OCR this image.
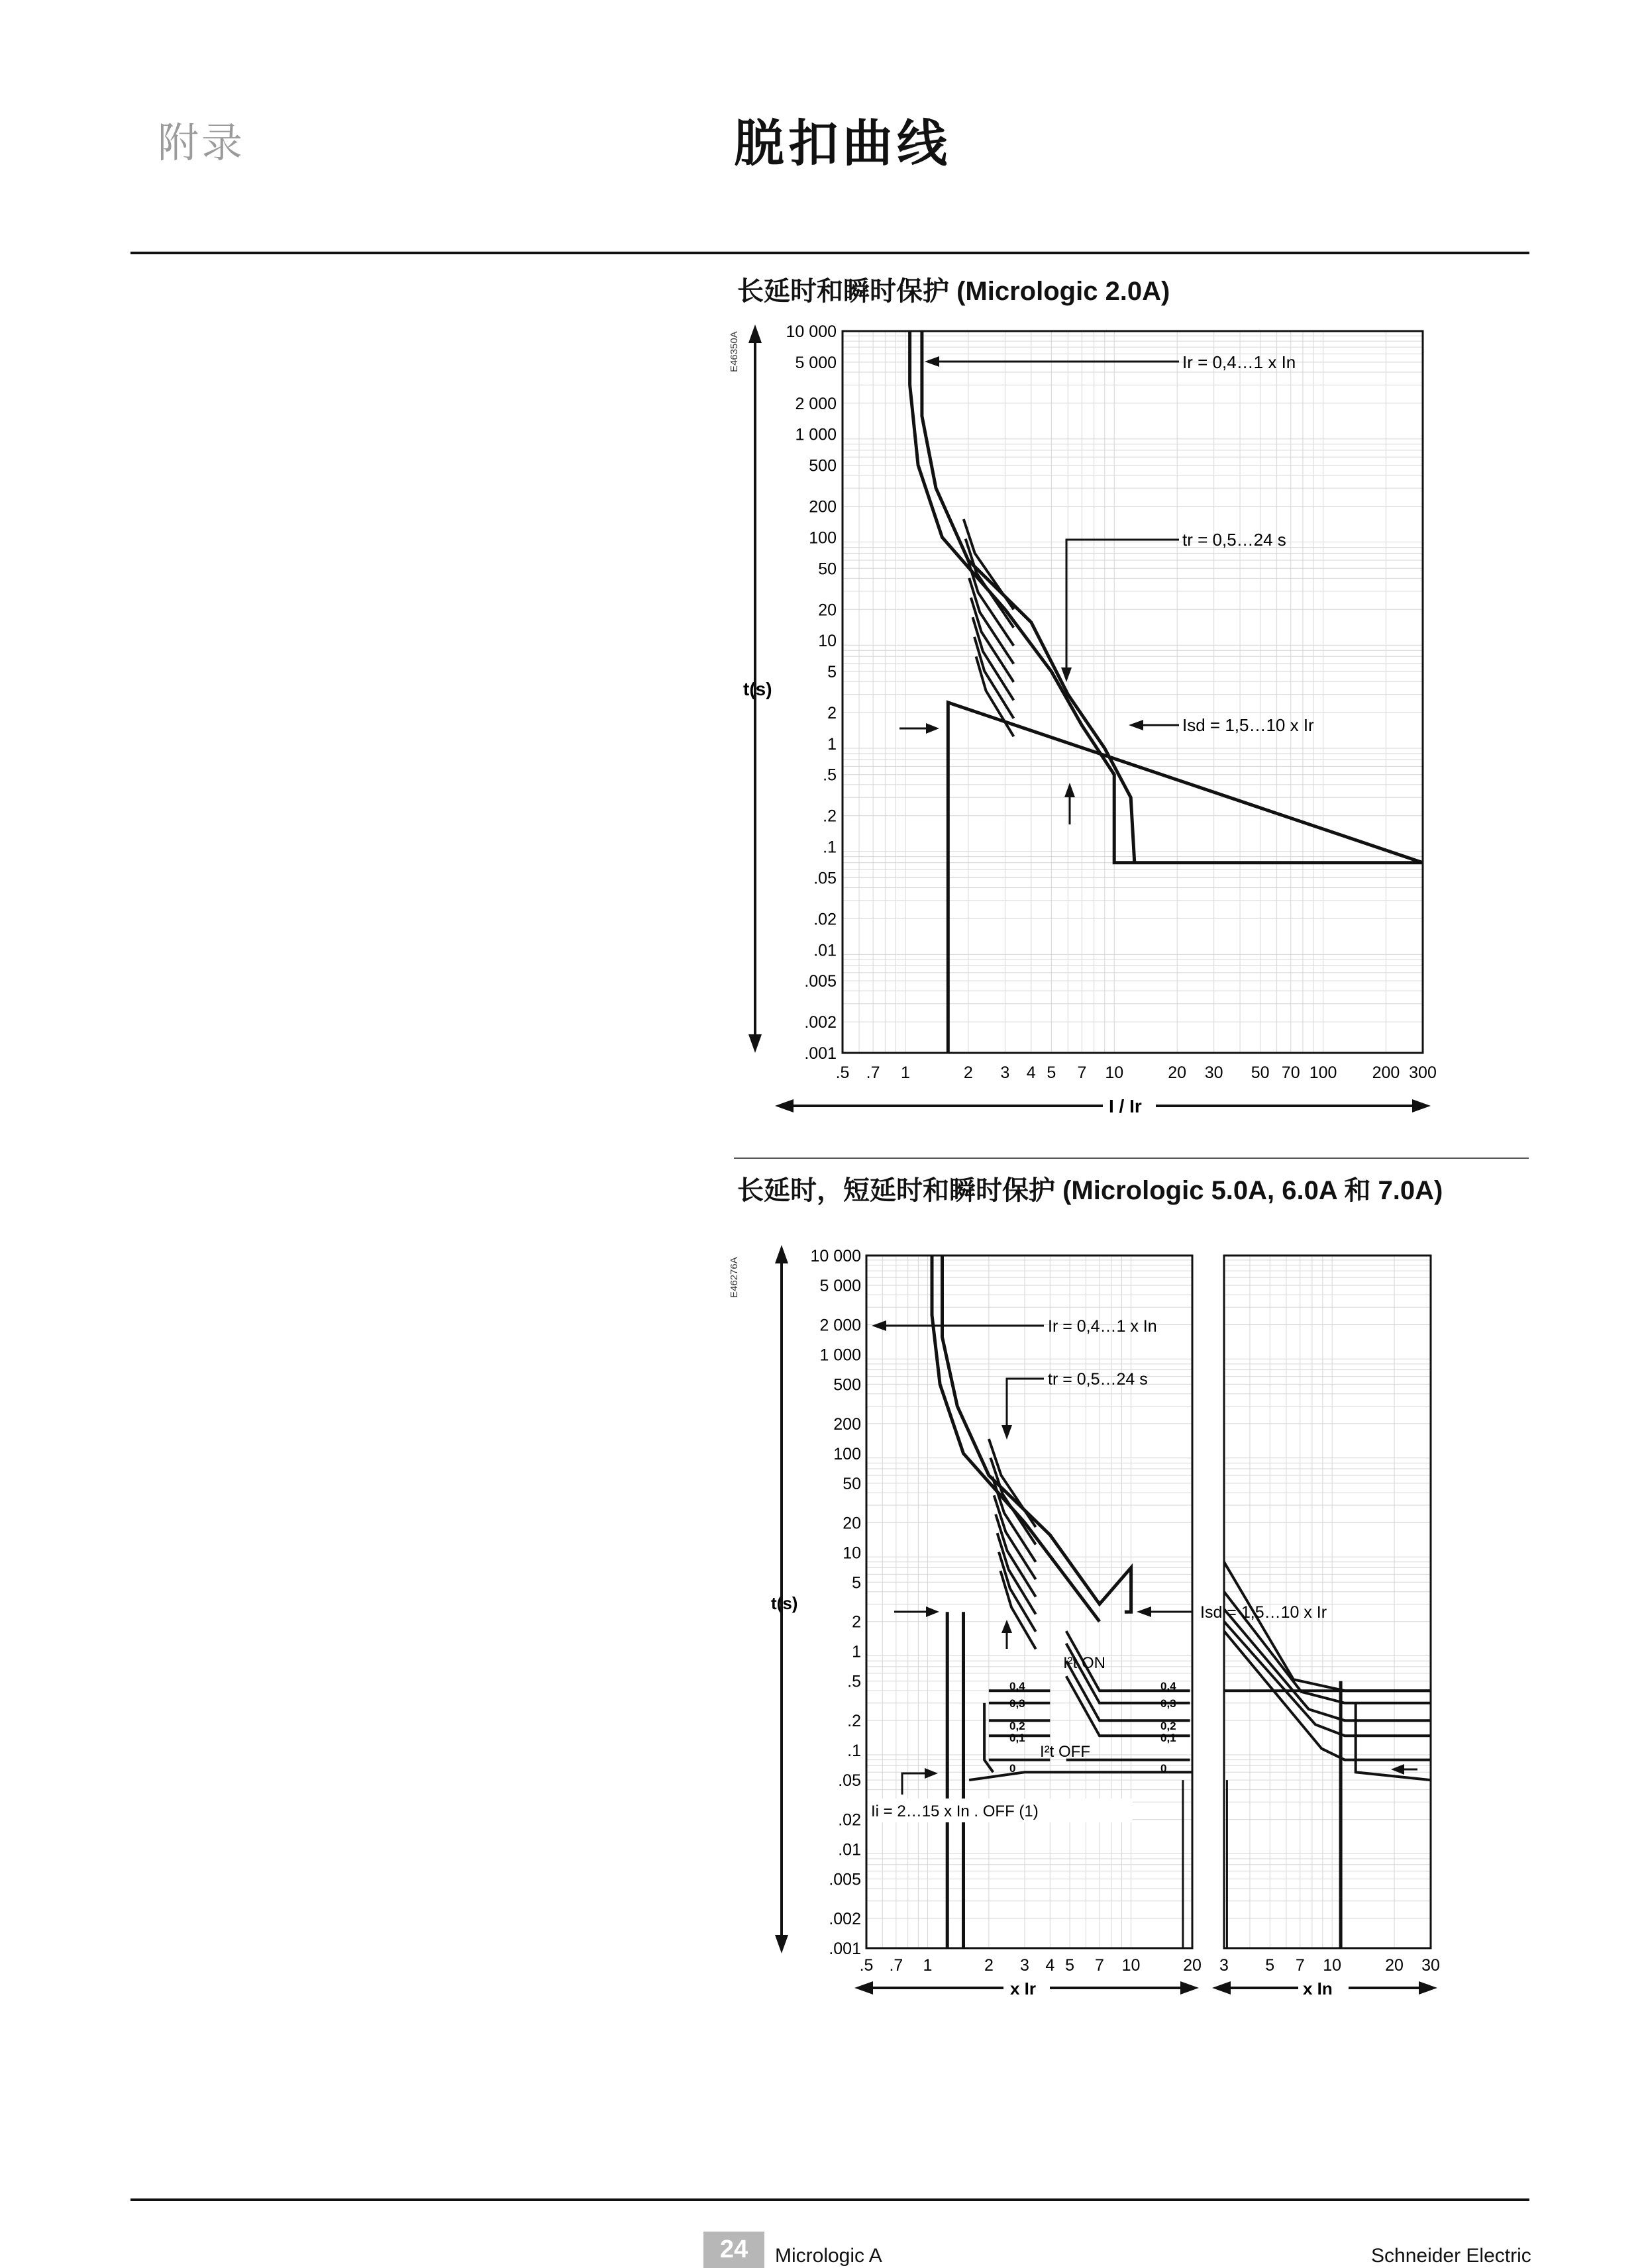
附录	脱扣曲线
长延时和瞬时保护 (Micrologic 2.0A)
E46350A	10 000
5 000
2 000
1 000
500
200
100
50
20
10
5
2
1
.5
.2
.1
.05
.02
.01
.005
.002
.001
.5 .7 1	2 3 4 5 7 10	20 30 50 70 100 200 300
t(s)
I / Ir
Ir = 0,4…1 x In
tr = 0,5…24 s
Isd = 1,5…10 x Ir
长延时，短延时和瞬时保护 (Micrologic 5.0A, 6.0A 和 7.0A)
E46276A
10 000
5 000
2 000
1 000
500
200
100
50
20
10
5
2
1
.5
.2
.1
.05
.02
.01
.005
.002
.001
.5 .7 1	2 3 4 5 7 10	20 3 5 7 10	20 30
t(s)
Ir = 0,4…1 x In
tr = 0,5…24 s
Isd = 1,5…10 x Ir
I²t ON
I²t OFF
Ii = 2…15 x In . OFF (1)
0,4
0,3
0,2
0,1
0
0,4
0,3
0,2
0,1
0
x Ir	x In
24	Micrologic A	Schneider Electric
